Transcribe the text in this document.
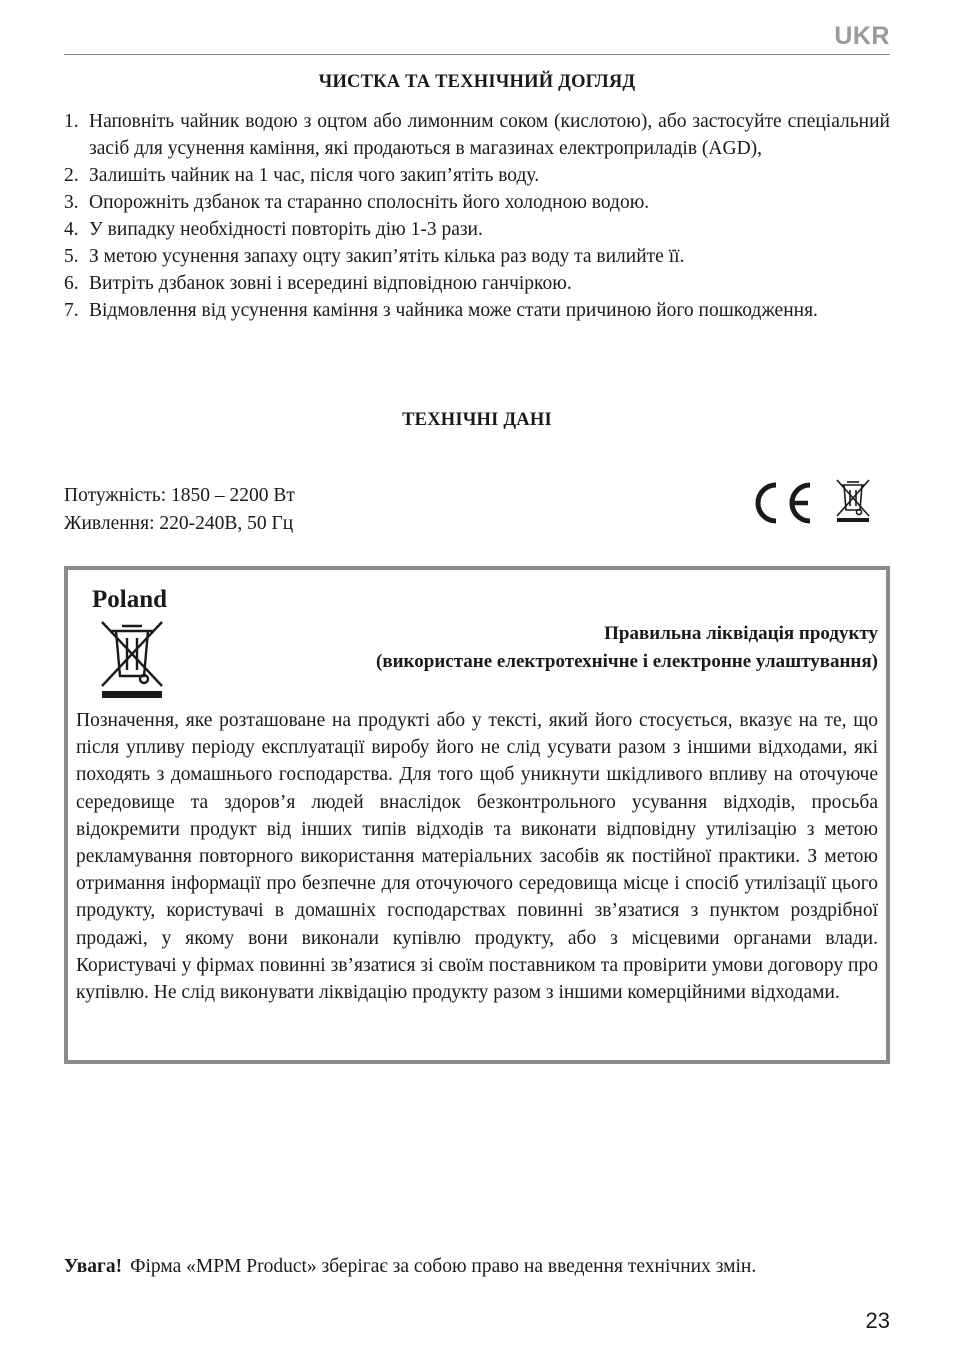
UKR
ЧИСТКА ТА ТЕХНІЧНИЙ ДОГЛЯД
1. Наповніть чайник водою з оцтом або лимонним соком (кислотою), або застосуйте спеціальний засіб для усунення каміння, які продаються в магазинах електроприладів (AGD),
2. Залишіть чайник на 1 час, після чого закип’ятіть воду.
3. Опорожніть дзбанок та старанно сполосніть його холодною водою.
4. У випадку необхідності повторіть дію 1-3 рази.
5. З метою усунення запаху оцту закип’ятіть кілька раз воду та вилийте її.
6. Витріть дзбанок зовні і всередині відповідною ганчіркою.
7. Відмовлення від усунення каміння з чайника може стати причиною його пошкодження.
ТЕХНІЧНІ ДАНІ
Потужність: 1850 – 2200 Вт
Живлення: 220-240В, 50 Гц
Poland
Правильна ліквідація продукту
(використане електротехнічне і електронне улаштування)
Позначення, яке розташоване на продукті або у тексті, який його стосується, вказує на те, що після упливу періоду експлуатації виробу його не слід усувати разом з іншими відходами, які походять з домашнього господарства. Для того щоб уникнути шкідливого впливу на оточуюче середовище та здоров’я людей внаслідок безконтрольного усування відходів, просьба відокремити продукт від інших типів відходів та виконати відповідну утилізацію з метою рекламування повторного використання матеріальних засобів як постійної практики. З метою отримання інформації про безпечне для оточуючого середовища місце і спосіб утилізації цього продукту, користувачі в домашніх господарствах повинні зв’язатися з пунктом роздрібної продажі, у якому вони виконали купівлю продукту, або з місцевими органами влади. Користувачі у фірмах повинні зв’язатися зі своїм поставником та провірити умови договору про купівлю. Не слід виконувати ліквідацію продукту разом з іншими комерційними відходами.
Увага! Фірма «MPM Product» зберігає за собою право на введення технічних змін.
23
